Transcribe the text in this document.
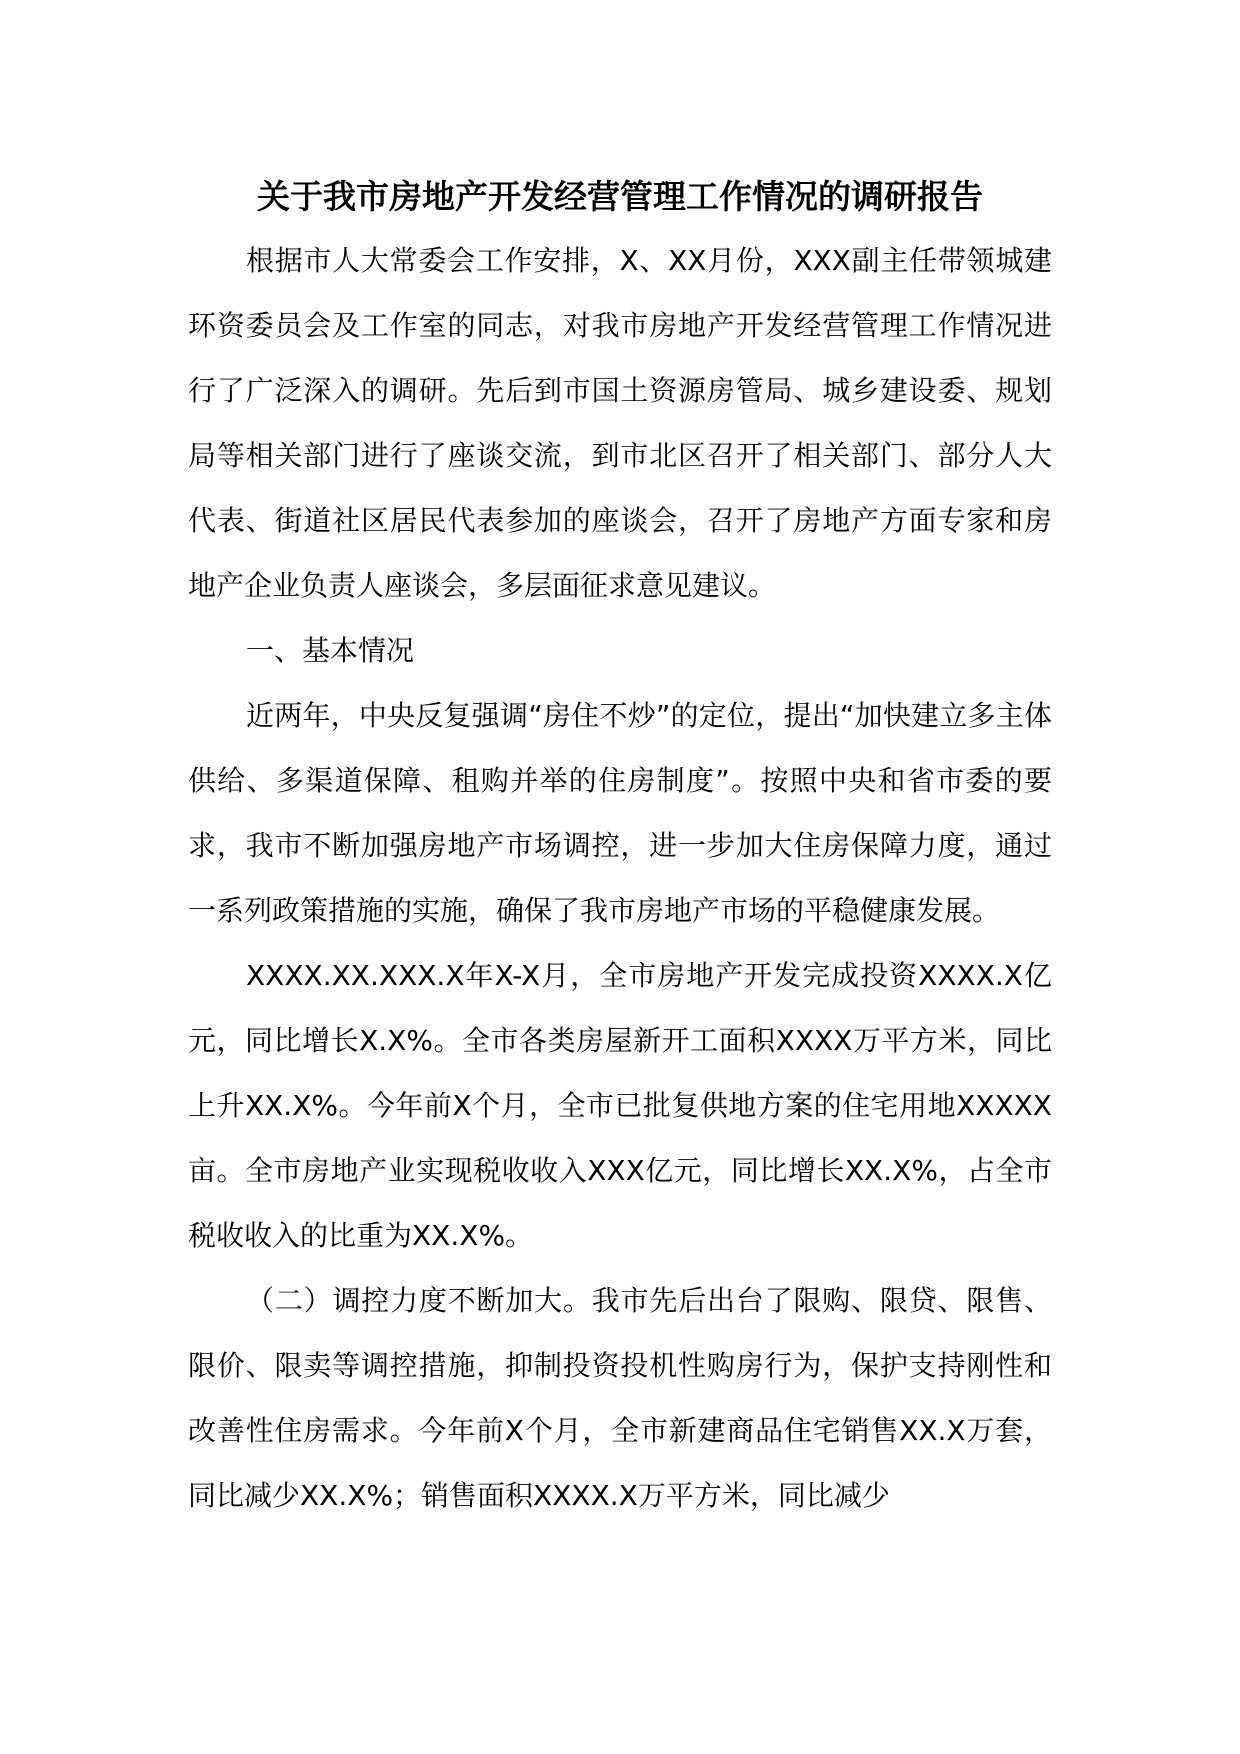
关于我市房地产开发经营管理工作情况的调研报告

根据市人大常委会工作安排，X、XX月份，XXX副主任带领城建环资委员会及工作室的同志，对我市房地产开发经营管理工作情况进行了广泛深入的调研。先后到市国土资源房管局、城乡建设委、规划局等相关部门进行了座谈交流，到市北区召开了相关部门、部分人大代表、街道社区居民代表参加的座谈会，召开了房地产方面专家和房地产企业负责人座谈会，多层面征求意见建议。

一、基本情况

近两年，中央反复强调“房住不炒”的定位，提出“加快建立多主体供给、多渠道保障、租购并举的住房制度”。按照中央和省市委的要求，我市不断加强房地产市场调控，进一步加大住房保障力度，通过一系列政策措施的实施，确保了我市房地产市场的平稳健康发展。

XXXX.XX.XXX.X年X-X月，全市房地产开发完成投资XXXX.X亿元，同比增长X.X%。全市各类房屋新开工面积XXXX万平方米，同比上升XX.X%。今年前X个月，全市已批复供地方案的住宅用地XXXXX亩。全市房地产业实现税收收入XXX亿元，同比增长XX.X%，占全市税收收入的比重为XX.X%。

（二）调控力度不断加大。我市先后出台了限购、限贷、限售、限价、限卖等调控措施，抑制投资投机性购房行为，保护支持刚性和改善性住房需求。今年前X个月，全市新建商品住宅销售XX.X万套，同比减少XX.X%；销售面积XXXX.X万平方米，同比减少
